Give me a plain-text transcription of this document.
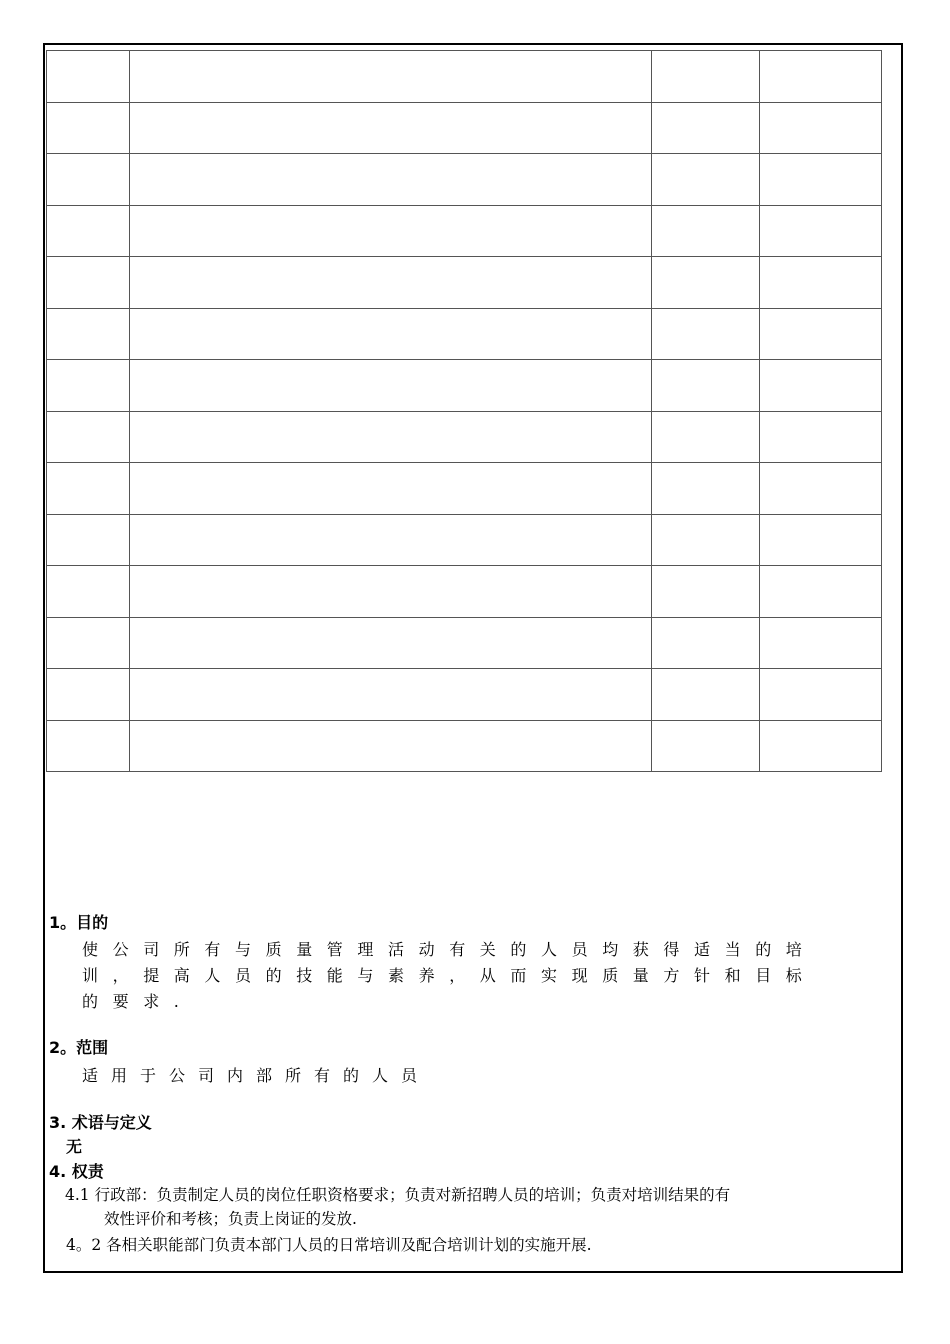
1。目的
使公司所有与质量管理活动有关的人员均获得适当的培
训，提高人员的技能与素养，从而实现质量方针和目标
的要求.
2。范围
适用于公司内部所有的人员
3. 术语与定义
无
4. 权责
4.1 行政部：负责制定人员的岗位任职资格要求；负责对新招聘人员的培训；负责对培训结果的有
效性评价和考核；负责上岗证的发放.
4。2 各相关职能部门负责本部门人员的日常培训及配合培训计划的实施开展.
